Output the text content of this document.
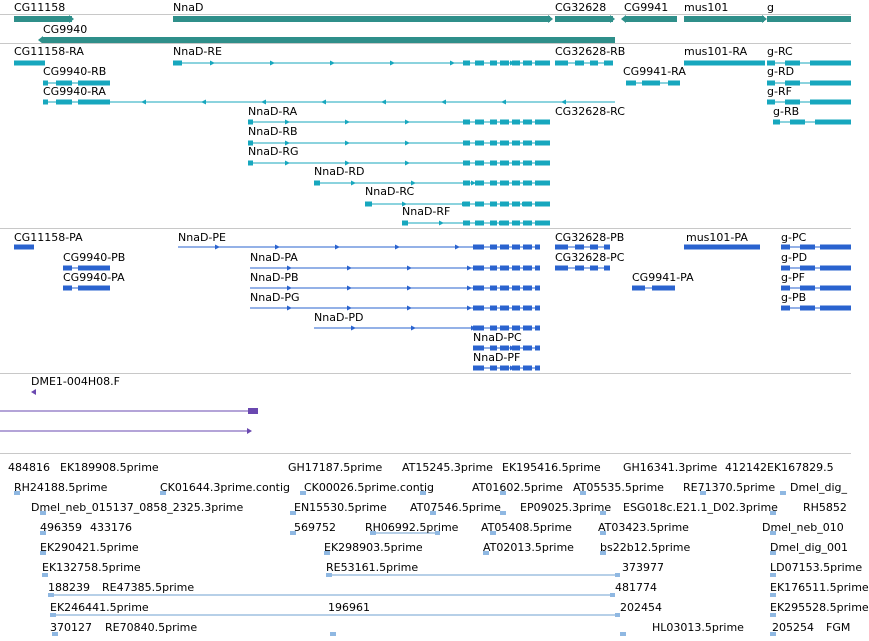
CG11158	NnaD	CG32628 CG9941 mus101	g
CG9940
CG11158-RA	NnaD-RE	CG32628-RB	mus101-RA g-RC
CG9940-RB	CG9941-RA	g-RD
CG9940-RA	g-RF
NnaD-RA	CG32628-RC	g-RB
NnaD-RB
NnaD-RG
NnaD-RD
NnaD-RC
NnaD-RF
CG11158-PA	NnaD-PE	CG32628-PB	mus101-PA	g-PC
CG9940-PB	NnaD-PA	CG32628-PC	g-PD
CG9940-PA	CG9941-PA
NnaD-PB	g-PF
NnaD-PG	g-PB
NnaD-PD
NnaD-PC
NnaD-PF
DME1-004H08.F
484816 EK189908.5prime	GH17187.5prime AT15245.3prime EK195416.5prime GH16341.3prime 412142 EK167829.5
RH24188.5prime	CK01644.3prime.contig CK00026.5prime.contig	AT01602.5prime AT05535.5prime RE71370.5prime Dmel_dig_
Dmel_neb_015137_0858_2325.3prime	EN15530.5prime AT07546.5prime EP09025.3prime ESG018c.E21.1_D02.3prime RH5852
496359 433176	569752	RH06992.5prime AT05408.5prime AT03423.5prime	Dmel_neb_010
EK290421.5prime	EK298903.5prime	AT02013.5prime bs22b12.5prime	Dmel_dig_001
EK132758.5prime	RE53161.5prime	373977	LD07153.5prime
188239 RE47385.5prime	481774	EK176511.5prime
EK246441.5prime	196961	202454	EK295528.5prime
370127 RE70840.5prime	HL03013.5prime	205254 FGM
